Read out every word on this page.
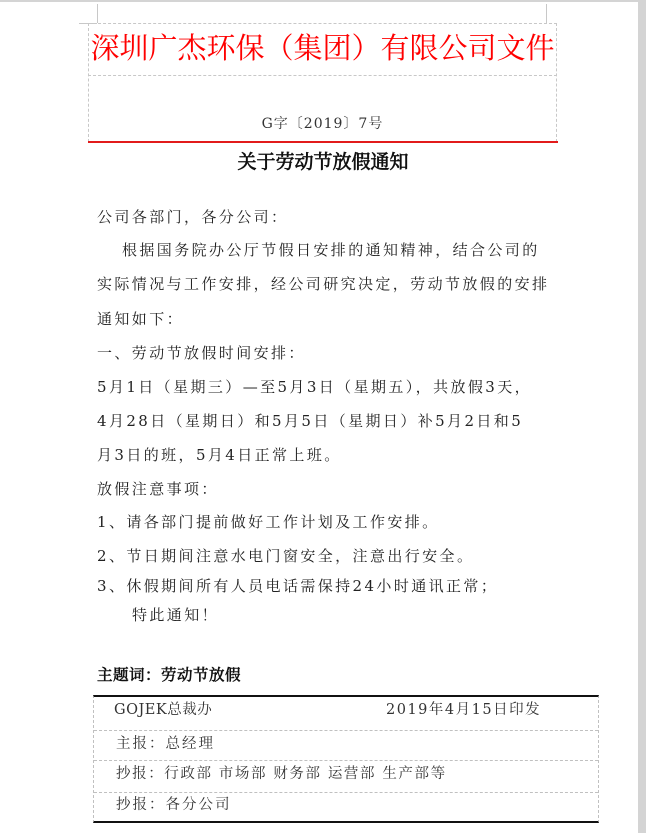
深圳广杰环保（集团）有限公司文件
G字〔2019〕7号
关于劳动节放假通知
公司各部门，各分公司：
根据国务院办公厅节假日安排的通知精神，结合公司的
实际情况与工作安排，经公司研究决定，劳动节放假的安排
通知如下：
一、劳动节放假时间安排：
5月1日（星期三）—至5月3日（星期五），共放假3天，
4月28日（星期日）和5月5日（星期日）补5月2日和5
月3日的班，5月4日正常上班。
放假注意事项：
1、请各部门提前做好工作计划及工作安排。
2、节日期间注意水电门窗安全，注意出行安全。
3、休假期间所有人员电话需保持24小时通讯正常；
特此通知！
主题词：劳动节放假
GOJEK总裁办	2019年4月15日印发
主报：总经理
抄报：行政部 市场部 财务部 运营部 生产部等
抄报：各分公司
